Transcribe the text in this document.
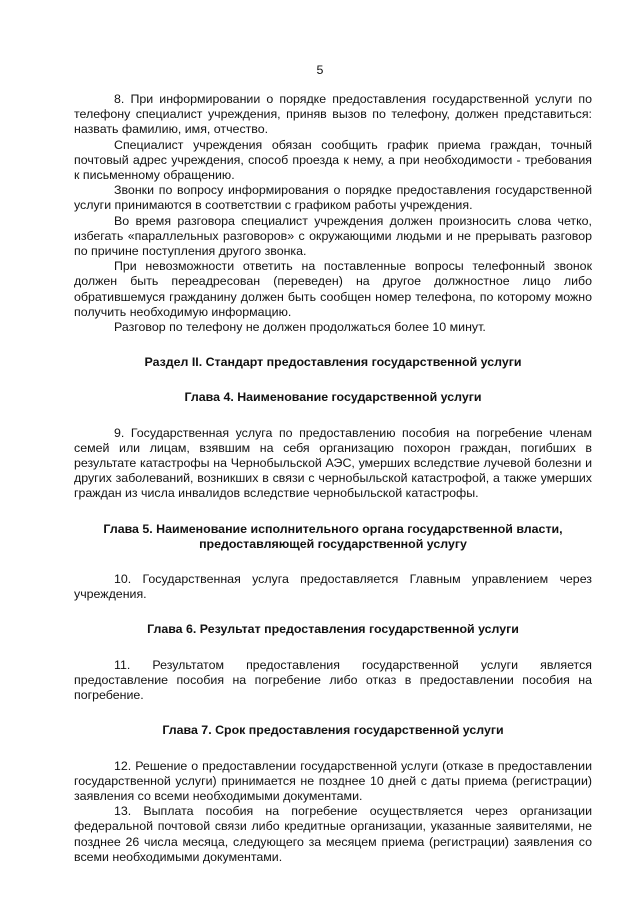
5

8. При информировании о порядке предоставления государственной услуги по телефону специалист учреждения, приняв вызов по телефону, должен представиться: назвать фамилию, имя, отчество.

Специалист учреждения обязан сообщить график приема граждан, точный почтовый адрес учреждения, способ проезда к нему, а при необходимости - требования к письменному обращению.

Звонки по вопросу информирования о порядке предоставления государственной услуги принимаются в соответствии с графиком работы учреждения.

Во время разговора специалист учреждения должен произносить слова четко, избегать «параллельных разговоров» с окружающими людьми и не прерывать разговор по причине поступления другого звонка.

При невозможности ответить на поставленные вопросы телефонный звонок должен быть переадресован (переведен) на другое должностное лицо либо обратившемуся гражданину должен быть сообщен номер телефона, по которому можно получить необходимую информацию.

Разговор по телефону не должен продолжаться более 10 минут.

Раздел II. Стандарт предоставления государственной услуги
Глава 4. Наименование государственной услуги

9. Государственная услуга по предоставлению пособия на погребение членам семей или лицам, взявшим на себя организацию похорон граждан, погибших в результате катастрофы на Чернобыльской АЭС, умерших вследствие лучевой болезни и других заболеваний, возникших в связи с чернобыльской катастрофой, а также умерших граждан из числа инвалидов вследствие чернобыльской катастрофы.

Глава 5. Наименование исполнительного органа государственной власти,
предоставляющей государственной услугу

10. Государственная услуга предоставляется Главным управлением через учреждения.

Глава 6. Результат предоставления государственной услуги

11. Результатом предоставления государственной услуги является предоставление пособия на погребение либо отказ в предоставлении пособия на погребение.

Глава 7. Срок предоставления государственной услуги

12. Решение о предоставлении государственной услуги (отказе в предоставлении государственной услуги) принимается не позднее 10 дней с даты приема (регистрации) заявления со всеми необходимыми документами.

13. Выплата пособия на погребение осуществляется через организации федеральной почтовой связи либо кредитные организации, указанные заявителями, не позднее 26 числа месяца, следующего за месяцем приема (регистрации) заявления со всеми необходимыми документами.
